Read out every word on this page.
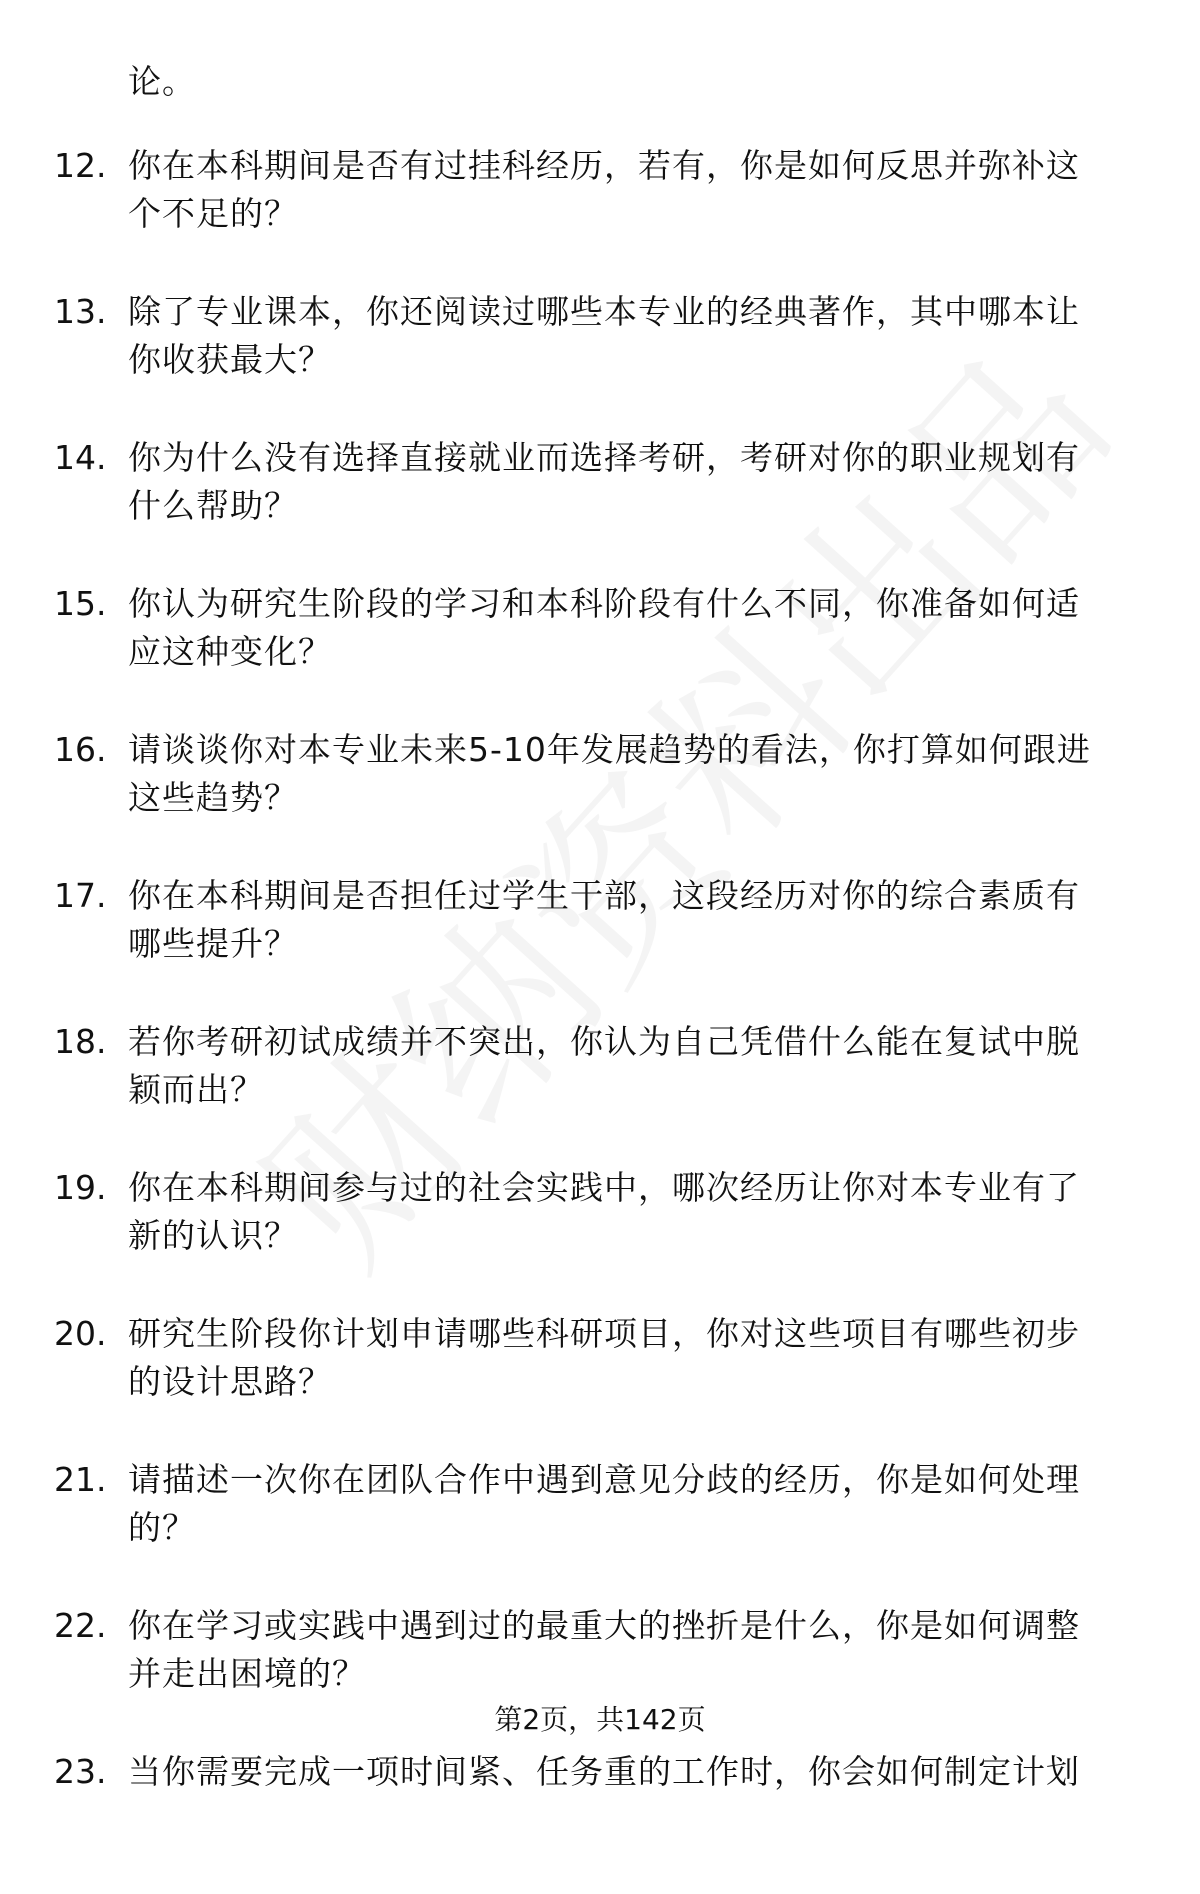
论。
12. 你在本科期间是否有过挂科经历，若有，你是如何反思并弥补这
个不足的？
13. 除了专业课本，你还阅读过哪些本专业的经典著作，其中哪本让
你收获最大？
14. 你为什么没有选择直接就业而选择考研，考研对你的职业规划有
什么帮助？
15. 你认为研究生阶段的学习和本科阶段有什么不同，你准备如何适
应这种变化？
16. 请谈谈你对本专业未来5-10年发展趋势的看法，你打算如何跟进
这些趋势？
17. 你在本科期间是否担任过学生干部，这段经历对你的综合素质有
哪些提升？
18. 若你考研初试成绩并不突出，你认为自己凭借什么能在复试中脱
颖而出？
19. 你在本科期间参与过的社会实践中，哪次经历让你对本专业有了
新的认识？
20. 研究生阶段你计划申请哪些科研项目，你对这些项目有哪些初步
的设计思路？
21. 请描述一次你在团队合作中遇到意见分歧的经历，你是如何处理
的？
22. 你在学习或实践中遇到过的最重大的挫折是什么，你是如何调整
并走出困境的？
23. 当你需要完成一项时间紧、任务重的工作时，你会如何制定计划
第2页，共142页
